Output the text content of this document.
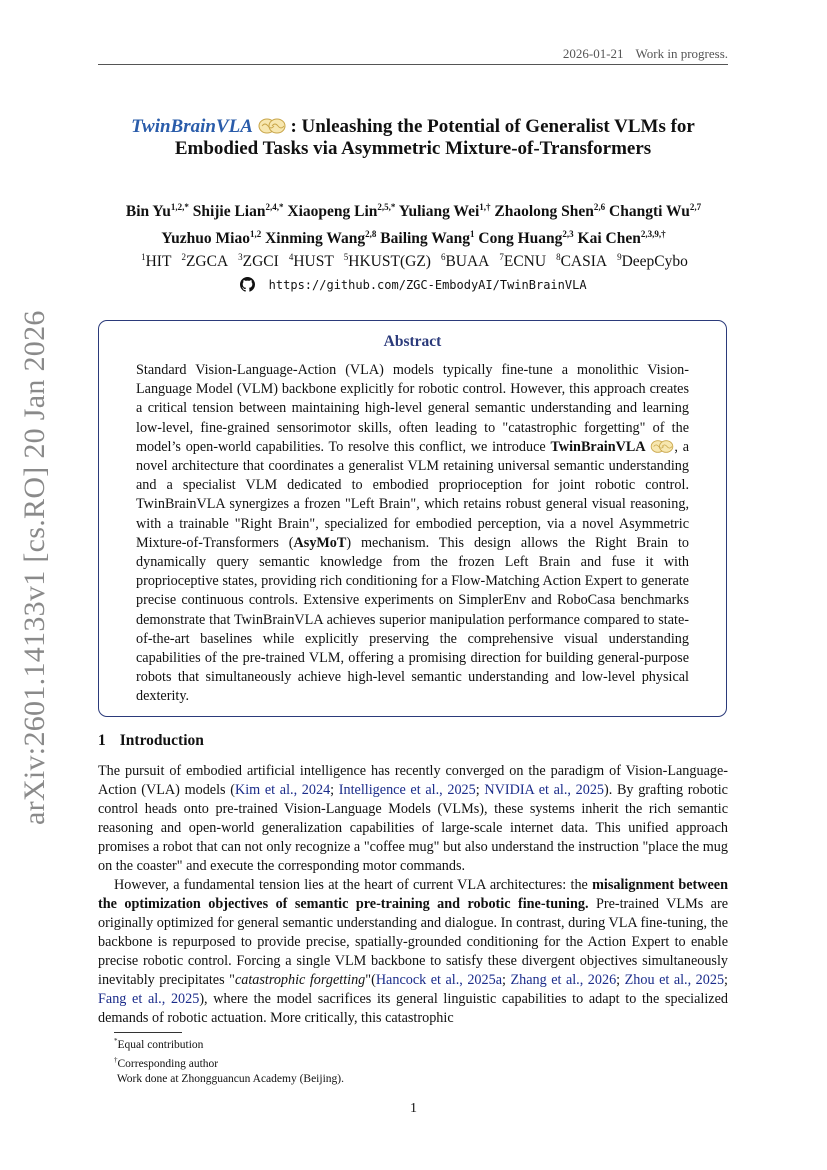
2026-01-21 Work in progress.
arXiv:2601.14133v1 [cs.RO] 20 Jan 2026
TwinBrainVLA : Unleashing the Potential of Generalist VLMs for
Embodied Tasks via Asymmetric Mixture-of-Transformers
Bin $Yu^{1,2,*}$ Shijie Lian$^{2,4,*}$ Xiaopeng Lin$^{2,5,*}$ Yuliang Wei$^{1,\dagger}$ Zhaolong Shen$^{2,6}$ Changti Wu$^{2,7}$
Yuzhuo Miao$^{1,2}$ Xinming Wang$^{2,8}$ Bailing Wang$^1$ Cong Huang$^{2,3}$ Kai Chen$^{2,3,9,\dagger}$
$^1$HIT $^2$ZGCA $^3$ZGCI $^4$HUST $^5$HKUST(GZ) $^6$BUAA $^7$ECNU $^8$CASIA $^9$DeepCybo
https://github.com/ZGC-EmbodyAI/TwinBrainVLA
Abstract
Standard Vision-Language-Action (VLA) models typically fine-tune a monolithic Vision-Language Model (VLM) backbone explicitly for robotic control. However, this approach creates a critical tension between maintaining high-level general semantic understanding and learning low-level, fine-grained sensorimotor skills, often leading to "catastrophic forgetting" of the model’s open-world capabilities. To resolve this conflict, we introduce TwinBrainVLA , a novel architecture that coordinates a generalist VLM retaining universal semantic understanding and a specialist VLM dedicated to embodied proprioception for joint robotic control. TwinBrainVLA synergizes a frozen "Left Brain", which retains robust general visual reasoning, with a trainable "Right Brain", specialized for embodied perception, via a novel Asymmetric Mixture-of-Transformers (AsyMoT) mechanism. This design allows the Right Brain to dynamically query semantic knowledge from the frozen Left Brain and fuse it with proprioceptive states, providing rich conditioning for a Flow-Matching Action Expert to generate precise continuous controls. Extensive experiments on SimplerEnv and RoboCasa benchmarks demonstrate that TwinBrainVLA achieves superior manipulation performance compared to state-of-the-art baselines while explicitly preserving the comprehensive visual understanding capabilities of the pre-trained VLM, offering a promising direction for building general-purpose robots that simultaneously achieve high-level semantic understanding and low-level physical dexterity.
1 Introduction
The pursuit of embodied artificial intelligence has recently converged on the paradigm of Vision-Language-Action (VLA) models (Kim et al., 2024; Intelligence et al., 2025; NVIDIA et al., 2025). By grafting robotic control heads onto pre-trained Vision-Language Models (VLMs), these systems inherit the rich semantic reasoning and open-world generalization capabilities of large-scale internet data. This unified approach promises a robot that can not only recognize a "coffee mug" but also understand the instruction "place the mug on the coaster" and execute the corresponding motor commands.
However, a fundamental tension lies at the heart of current VLA architectures: the misalignment between the optimization objectives of semantic pre-training and robotic fine-tuning. Pre-trained VLMs are originally optimized for general semantic understanding and dialogue. In contrast, during VLA fine-tuning, the backbone is repurposed to provide precise, spatially-grounded conditioning for the Action Expert to enable precise robotic control. Forcing a single VLM backbone to satisfy these divergent objectives simultaneously inevitably precipitates "catastrophic forgetting"(Hancock et al., 2025a; Zhang et al., 2026; Zhou et al., 2025; Fang et al., 2025), where the model sacrifices its general linguistic capabilities to adapt to the specialized demands of robotic actuation. More critically, this catastrophic
*Equal contribution
†Corresponding author
Work done at Zhongguancun Academy (Beijing).
1
